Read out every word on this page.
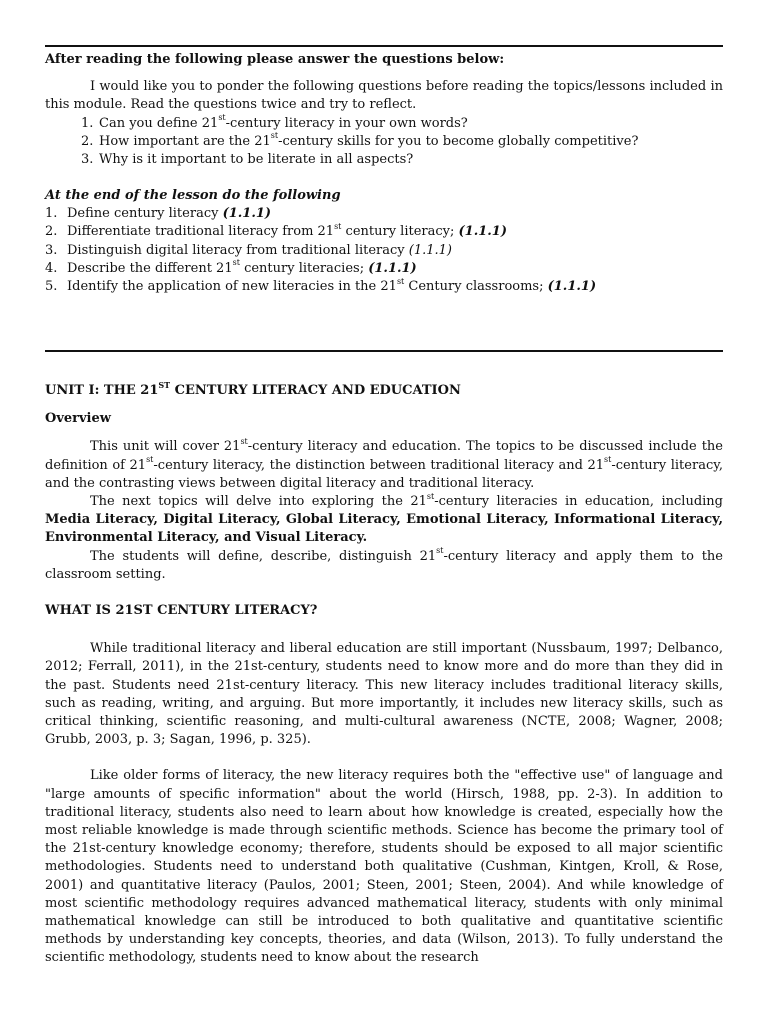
After reading the following please answer the questions below:

I would like you to ponder the following questions before reading the topics/lessons included in this module. Read the questions twice and try to reflect.

1. Can you define 21st-century literacy in your own words?
2. How important are the 21st-century skills for you to become globally competitive?
3. Why is it important to be literate in all aspects?

At the end of the lesson do the following

1. Define century literacy (1.1.1)
2. Differentiate traditional literacy from 21st century literacy; (1.1.1)
3. Distinguish digital literacy from traditional literacy (1.1.1)
4. Describe the different 21st century literacies; (1.1.1)
5. Identify the application of new literacies in the 21st Century classrooms; (1.1.1)

UNIT I: THE 21ST CENTURY LITERACY AND EDUCATION

Overview

This unit will cover 21st-century literacy and education. The topics to be discussed include the definition of 21st-century literacy, the distinction between traditional literacy and 21st-century literacy, and the contrasting views between digital literacy and traditional literacy.

The next topics will delve into exploring the 21st-century literacies in education, including Media Literacy, Digital Literacy, Global Literacy, Emotional Literacy, Informational Literacy, Environmental Literacy, and Visual Literacy.

The students will define, describe, distinguish 21st-century literacy and apply them to the classroom setting.

WHAT IS 21ST CENTURY LITERACY?

While traditional literacy and liberal education are still important (Nussbaum, 1997; Delbanco, 2012; Ferrall, 2011), in the 21st-century, students need to know more and do more than they did in the past. Students need 21st-century literacy. This new literacy includes traditional literacy skills, such as reading, writing, and arguing. But more importantly, it includes new literacy skills, such as critical thinking, scientific reasoning, and multi-cultural awareness (NCTE, 2008; Wagner, 2008; Grubb, 2003, p. 3; Sagan, 1996, p. 325).

Like older forms of literacy, the new literacy requires both the "effective use" of language and "large amounts of specific information" about the world (Hirsch, 1988, pp. 2-3). In addition to traditional literacy, students also need to learn about how knowledge is created, especially how the most reliable knowledge is made through scientific methods. Science has become the primary tool of the 21st-century knowledge economy; therefore, students should be exposed to all major scientific methodologies. Students need to understand both qualitative (Cushman, Kintgen, Kroll, & Rose, 2001) and quantitative literacy (Paulos, 2001; Steen, 2001; Steen, 2004). And while knowledge of most scientific methodology requires advanced mathematical literacy, students with only minimal mathematical knowledge can still be introduced to both qualitative and quantitative scientific methods by understanding key concepts, theories, and data (Wilson, 2013). To fully understand the scientific methodology, students need to know about the research
